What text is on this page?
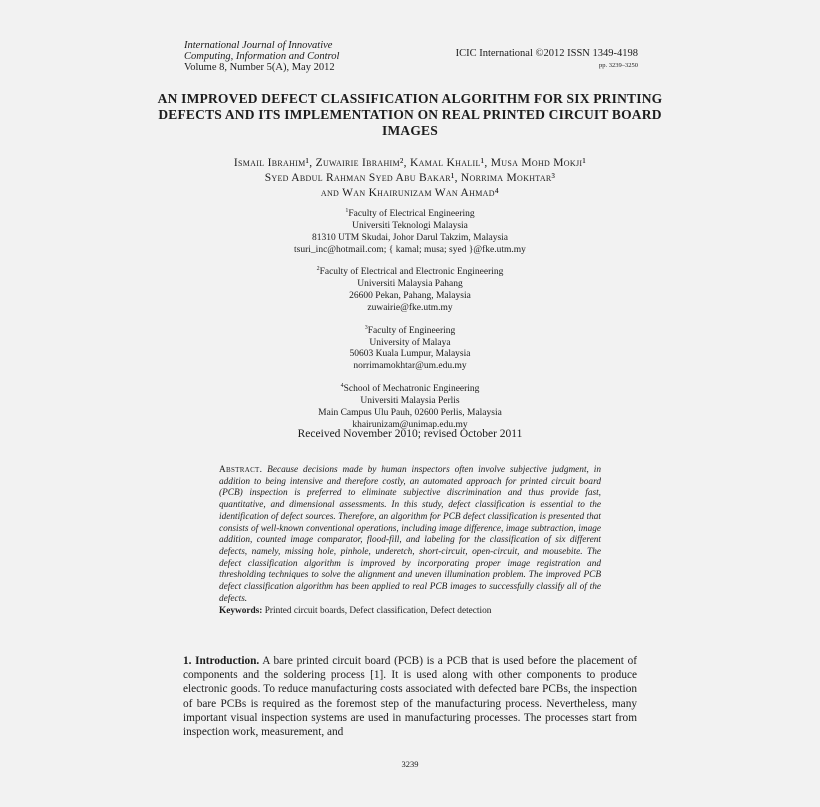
International Journal of Innovative
Computing, Information and Control
Volume 8, Number 5(A), May 2012
ICIC International ©2012 ISSN 1349-4198
pp. 3239–3250
AN IMPROVED DEFECT CLASSIFICATION ALGORITHM FOR SIX PRINTING DEFECTS AND ITS IMPLEMENTATION ON REAL PRINTED CIRCUIT BOARD IMAGES
Ismail Ibrahim¹, Zuwairie Ibrahim², Kamal Khalil¹, Musa Mohd Mokji¹
Syed Abdul Rahman Syed Abu Bakar¹, Norrima Mokhtar³
and Wan Khairunizam Wan Ahmad⁴
$^1$Faculty of Electrical Engineering
Universiti Teknologi Malaysia
81310 UTM Skudai, Johor Darul Takzim, Malaysia
tsuri_inc@hotmail.com; { kamal; musa; syed }@fke.utm.my
$^2$Faculty of Electrical and Electronic Engineering
Universiti Malaysia Pahang
26600 Pekan, Pahang, Malaysia
zuwairie@fke.utm.my
$^3$Faculty of Engineering
University of Malaya
50603 Kuala Lumpur, Malaysia
norrimamokhtar@um.edu.my
$^4$School of Mechatronic Engineering
Universiti Malaysia Perlis
Main Campus Ulu Pauh, 02600 Perlis, Malaysia
khairunizam@unimap.edu.my
Received November 2010; revised October 2011
Abstract. Because decisions made by human inspectors often involve subjective judgment, in addition to being intensive and therefore costly, an automated approach for printed circuit board (PCB) inspection is preferred to eliminate subjective discrimination and thus provide fast, quantitative, and dimensional assessments. In this study, defect classification is essential to the identification of defect sources. Therefore, an algorithm for PCB defect classification is presented that consists of well-known conventional operations, including image difference, image subtraction, image addition, counted image comparator, flood-fill, and labeling for the classification of six different defects, namely, missing hole, pinhole, underetch, short-circuit, open-circuit, and mousebite. The defect classification algorithm is improved by incorporating proper image registration and thresholding techniques to solve the alignment and uneven illumination problem. The improved PCB defect classification algorithm has been applied to real PCB images to successfully classify all of the defects.
Keywords: Printed circuit boards, Defect classification, Defect detection
1. Introduction. A bare printed circuit board (PCB) is a PCB that is used before the placement of components and the soldering process [1]. It is used along with other components to produce electronic goods. To reduce manufacturing costs associated with defected bare PCBs, the inspection of bare PCBs is required as the foremost step of the manufacturing process. Nevertheless, many important visual inspection systems are used in manufacturing processes. The processes start from inspection work, measurement, and
3239
